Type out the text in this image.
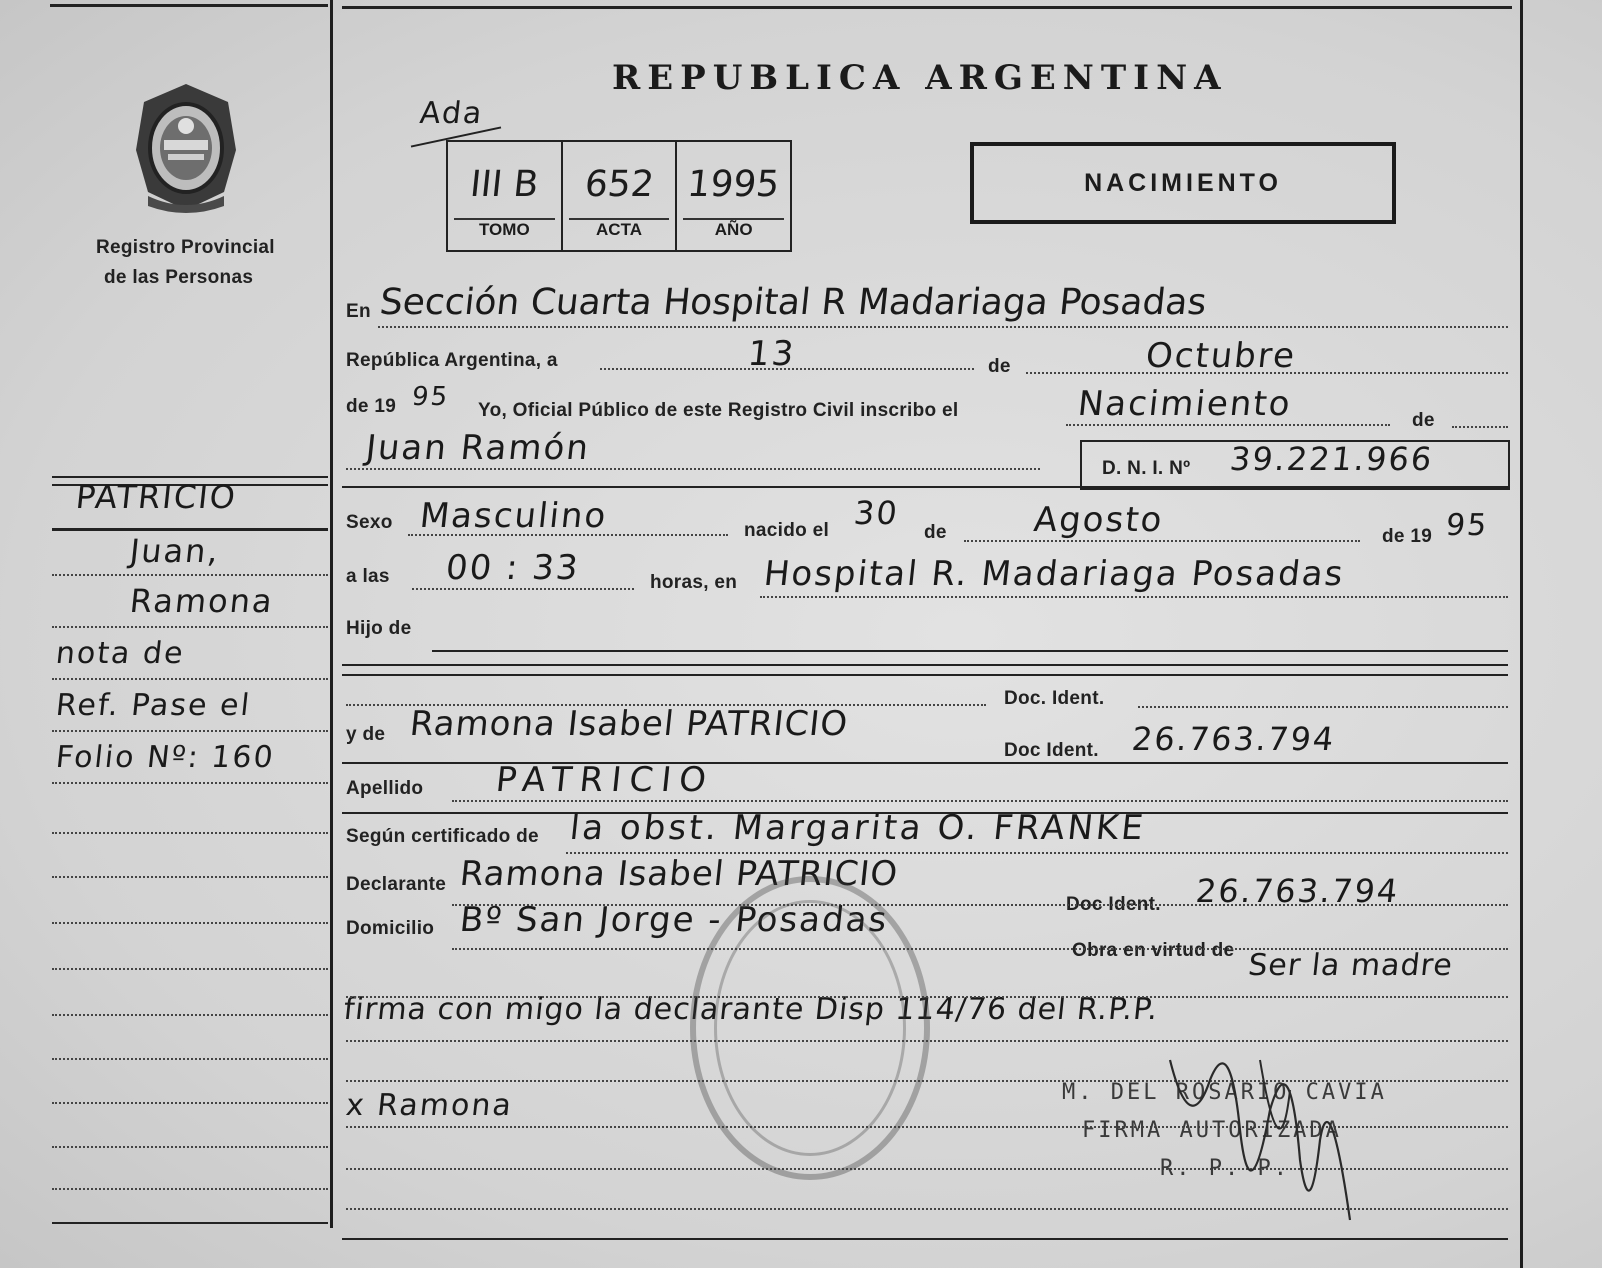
Registro Provincial
de las Personas
REPUBLICA ARGENTINA
Ada
III B
TOMO
652
ACTA
1995
AÑO
NACIMIENTO
En Sección Cuarta Hospital R Madariaga Posadas
República Argentina, a	13	de	Octubre
de 19 95 Yo, Oficial Público de este Registro Civil inscribo el	Nacimiento	de
Juan Ramón
D. N. I. Nº 39.221.966
Sexo Masculino	nacido el 30
de	Agosto	de 19 95
a las 00 : 33	horas, en Hospital R. Madariaga Posadas
Hijo de
Doc. Ident.
y de Ramona Isabel PATRICIO
Doc Ident. 26.763.794
Apellido PATRICIO
Según certificado de la obst. Margarita O. FRANKE
Declarante Ramona Isabel PATRICIO
Doc Ident. 26.763.794
Domicilio Bº San Jorge - Posadas
Obra en virtud de Ser la madre firma con migo la declarante Disp 114/76 del R.P.P.
x Ramona	M. DEL ROSARIO CAVIA
FIRMA AUTORIZADA
R. P. P.
PATRICIO
Juan,
Ramona
nota de
Ref. Pase el
Folio Nº: 160
